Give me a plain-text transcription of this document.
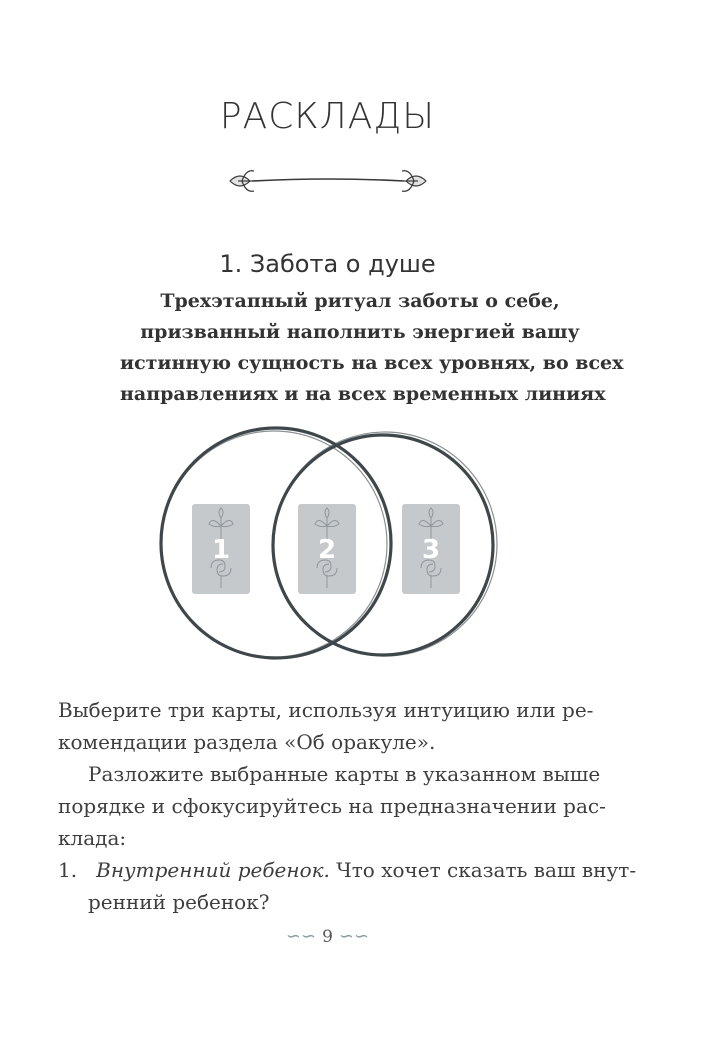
РАСКЛАДЫ
1. Забота о душе
Трехэтапный ритуал заботы о себе,
призванный наполнить энергией вашу
истинную сущность на всех уровнях, во всех
направлениях и на всех временных линиях
1	2	3
Выберите три карты, используя интуицию или ре-
комендации раздела «Об оракуле».
Разложите выбранные карты в указанном выше
порядке и сфокусируйтесь на предназначении рас-
клада:
1. Внутренний ребенок. Что хочет сказать ваш внут-
ренний ребенок?
∽∽ 9 ∽∽
